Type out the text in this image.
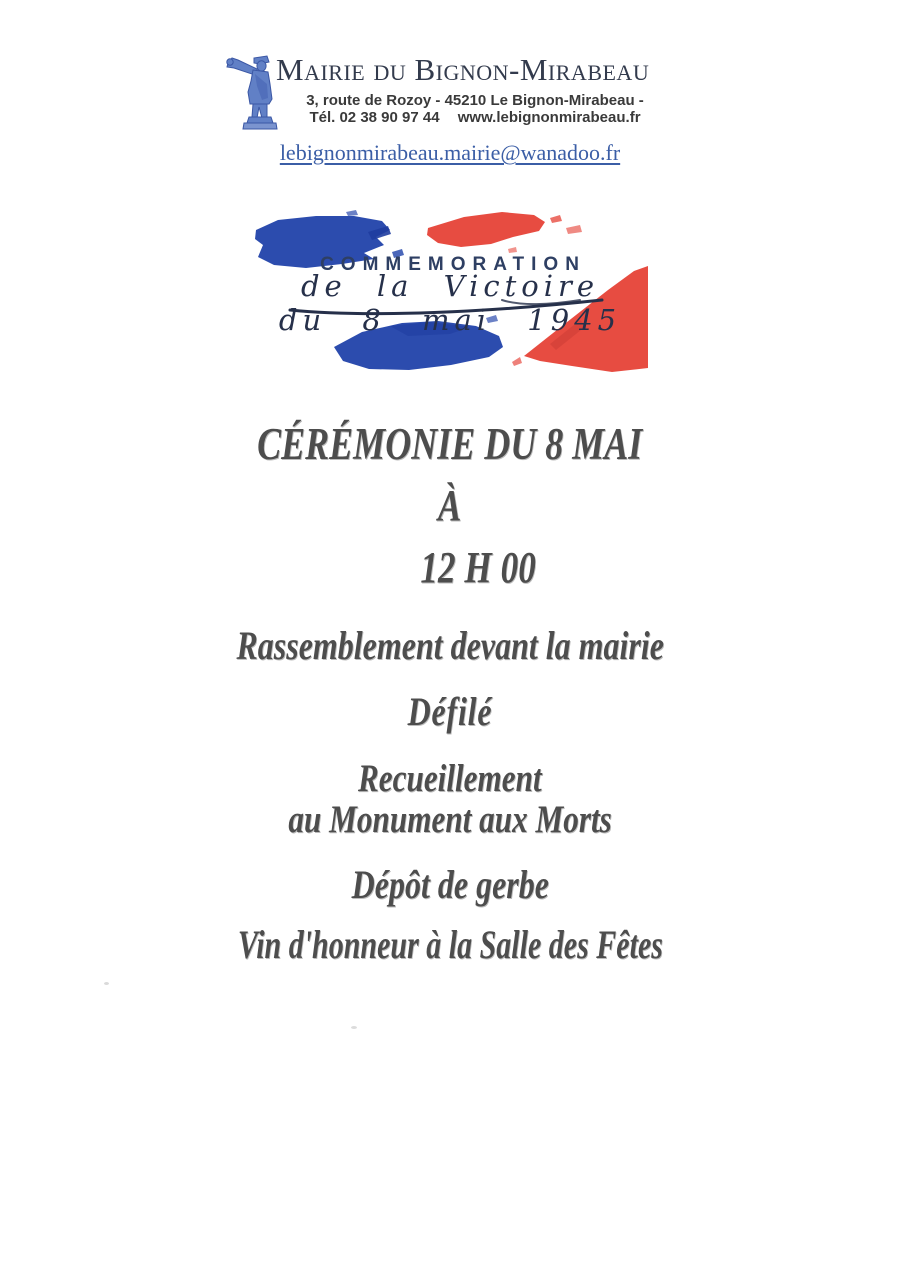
Mairie du Bignon-Mirabeau
3, route de Rozoy - 45210 Le Bignon-Mirabeau -
Tél. 02 38 90 97 44 www.lebignonmirabeau.fr
lebignonmirabeau.mairie@wanadoo.fr
COMMEMORATION
de la Victoire
du 8 mai 1945
CÉRÉMONIE DU 8 MAI
À
12 H 00
Rassemblement devant la mairie
Défilé
Recueillement
au Monument aux Morts
Dépôt de gerbe
Vin d'honneur à la Salle des Fêtes
